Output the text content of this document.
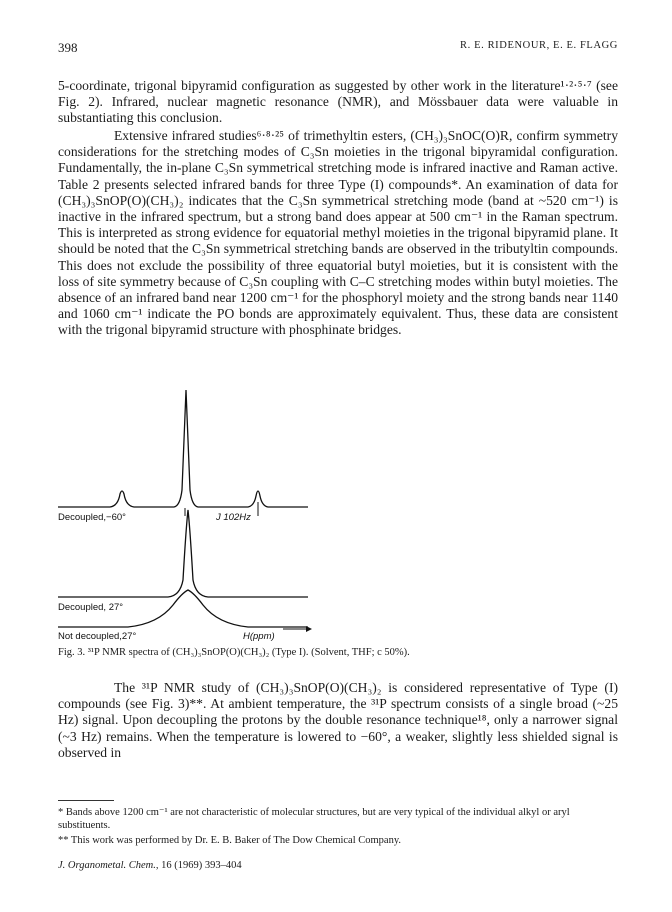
398	R. E. RIDENOUR, E. E. FLAGG

5-coordinate, trigonal bipyramid configuration as suggested by other work in the literature¹·²·⁵·⁷ (see Fig. 2). Infrared, nuclear magnetic resonance (NMR), and Mössbauer data were valuable in substantiating this conclusion.

Extensive infrared studies⁶·⁸·²⁵ of trimethyltin esters, (CH₃)₃SnOC(O)R, confirm symmetry considerations for the stretching modes of C₃Sn moieties in the trigonal bipyramidal configuration. Fundamentally, the in-plane C₃Sn symmetrical stretching mode is infrared inactive and Raman active. Table 2 presents selected infrared bands for three Type (I) compounds*. An examination of data for (CH₃)₃SnOP(O)(CH₃)₂ indicates that the C₃Sn symmetrical stretching mode (band at ~520 cm⁻¹) is inactive in the infrared spectrum, but a strong band does appear at 500 cm⁻¹ in the Raman spectrum. This is interpreted as strong evidence for equatorial methyl moieties in the trigonal bipyramid plane. It should be noted that the C₃Sn symmetrical stretching bands are observed in the tributyltin compounds. This does not exclude the possibility of three equatorial butyl moieties, but it is consistent with the loss of site symmetry because of C₃Sn coupling with C–C stretching modes within butyl moieties. The absence of an infrared band near 1200 cm⁻¹ for the phosphoryl moiety and the strong bands near 1140 and 1060 cm⁻¹ indicate the PO bonds are approximately equivalent. Thus, these data are consistent with the trigonal bipyramid structure with phosphinate bridges.

Decoupled,−60°	J 102Hz
Decoupled, 27°
Not decoupled,27°	H(ppm)
Fig. 3. ³¹P NMR spectra of (CH₃)₃SnOP(O)(CH₃)₂ (Type I). (Solvent, THF; c 50%).

The ³¹P NMR study of (CH₃)₃SnOP(O)(CH₃)₂ is considered representative of Type (I) compounds (see Fig. 3)**. At ambient temperature, the ³¹P spectrum consists of a single broad (~25 Hz) signal. Upon decoupling the protons by the double resonance technique¹⁸, only a narrower signal (~3 Hz) remains. When the temperature is lowered to −60°, a weaker, slightly less shielded signal is observed in

* Bands above 1200 cm⁻¹ are not characteristic of molecular structures, but are very typical of the individual alkyl or aryl substituents.
** This work was performed by Dr. E. B. Baker of The Dow Chemical Company.
J. Organometal. Chem., 16 (1969) 393–404
